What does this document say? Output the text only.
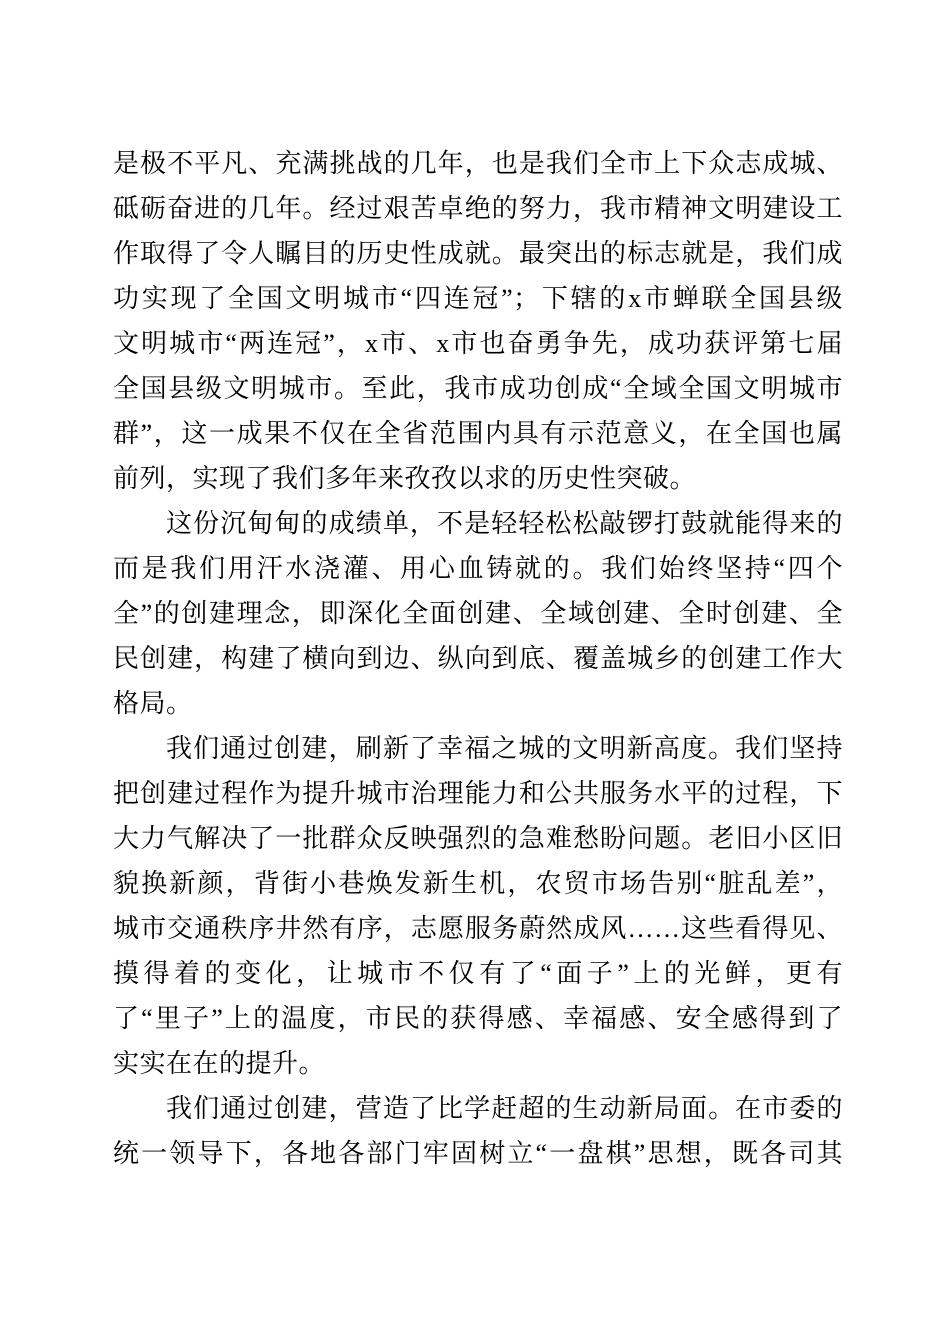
是极不平凡、充满挑战的几年，也是我们全市上下众志成城、
砥砺奋进的几年。经过艰苦卓绝的努力，我市精神文明建设工
作取得了令人瞩目的历史性成就。最突出的标志就是，我们成
功实现了全国文明城市“四连冠”；下辖的x市蝉联全国县级
文明城市“两连冠”，x市、x市也奋勇争先，成功获评第七届
全国县级文明城市。至此，我市成功创成“全域全国文明城市
群”，这一成果不仅在全省范围内具有示范意义，在全国也属
前列，实现了我们多年来孜孜以求的历史性突破。
这份沉甸甸的成绩单，不是轻轻松松敲锣打鼓就能得来的
而是我们用汗水浇灌、用心血铸就的。我们始终坚持“四个
全”的创建理念，即深化全面创建、全域创建、全时创建、全
民创建，构建了横向到边、纵向到底、覆盖城乡的创建工作大
格局。
我们通过创建，刷新了幸福之城的文明新高度。我们坚持
把创建过程作为提升城市治理能力和公共服务水平的过程，下
大力气解决了一批群众反映强烈的急难愁盼问题。老旧小区旧
貌换新颜，背街小巷焕发新生机，农贸市场告别“脏乱差”，
城市交通秩序井然有序，志愿服务蔚然成风……这些看得见、
摸得着的变化，让城市不仅有了“面子”上的光鲜，更有
了“里子”上的温度，市民的获得感、幸福感、安全感得到了
实实在在的提升。
我们通过创建，营造了比学赶超的生动新局面。在市委的
统一领导下，各地各部门牢固树立“一盘棋”思想，既各司其
